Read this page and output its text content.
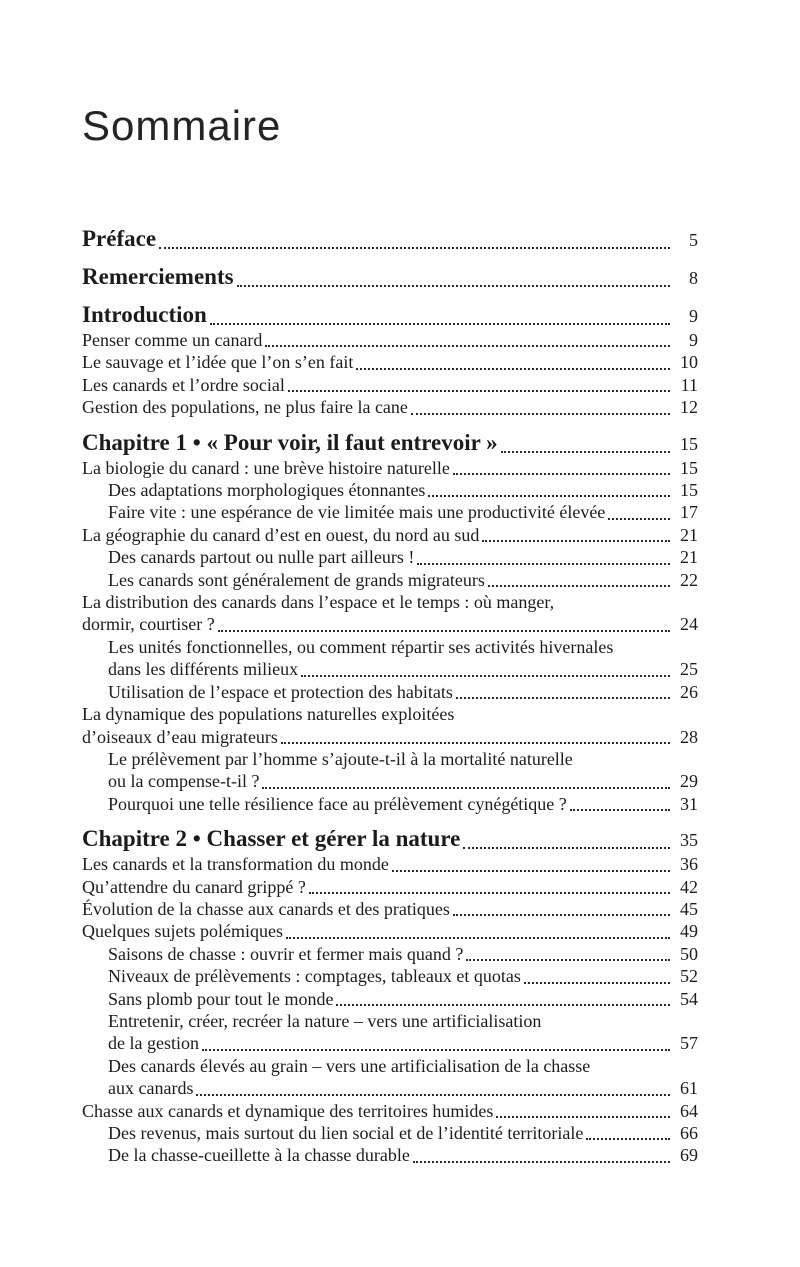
Sommaire
Préface	5
Remerciements	8
Introduction	9
Penser comme un canard	9
Le sauvage et l’idée que l’on s’en fait	10
Les canards et l’ordre social	11
Gestion des populations, ne plus faire la cane	12
Chapitre 1 • « Pour voir, il faut entrevoir »	15
La biologie du canard : une brève histoire naturelle	15
Des adaptations morphologiques étonnantes	15
Faire vite : une espérance de vie limitée mais une productivité élevée	17
La géographie du canard d’est en ouest, du nord au sud	21
Des canards partout ou nulle part ailleurs !	21
Les canards sont généralement de grands migrateurs	22
La distribution des canards dans l’espace et le temps : où manger,
dormir, courtiser ?	24
Les unités fonctionnelles, ou comment répartir ses activités hivernales
dans les différents milieux	25
Utilisation de l’espace et protection des habitats	26
La dynamique des populations naturelles exploitées
d’oiseaux d’eau migrateurs	28
Le prélèvement par l’homme s’ajoute-t-il à la mortalité naturelle
ou la compense-t-il ?	29
Pourquoi une telle résilience face au prélèvement cynégétique ?	31
Chapitre 2 • Chasser et gérer la nature	35
Les canards et la transformation du monde	36
Qu’attendre du canard grippé ?	42
Évolution de la chasse aux canards et des pratiques	45
Quelques sujets polémiques	49
Saisons de chasse : ouvrir et fermer mais quand ?	50
Niveaux de prélèvements : comptages, tableaux et quotas	52
Sans plomb pour tout le monde	54
Entretenir, créer, recréer la nature – vers une artificialisation
de la gestion	57
Des canards élevés au grain – vers une artificialisation de la chasse
aux canards	61
Chasse aux canards et dynamique des territoires humides	64
Des revenus, mais surtout du lien social et de l’identité territoriale	66
De la chasse-cueillette à la chasse durable	69
